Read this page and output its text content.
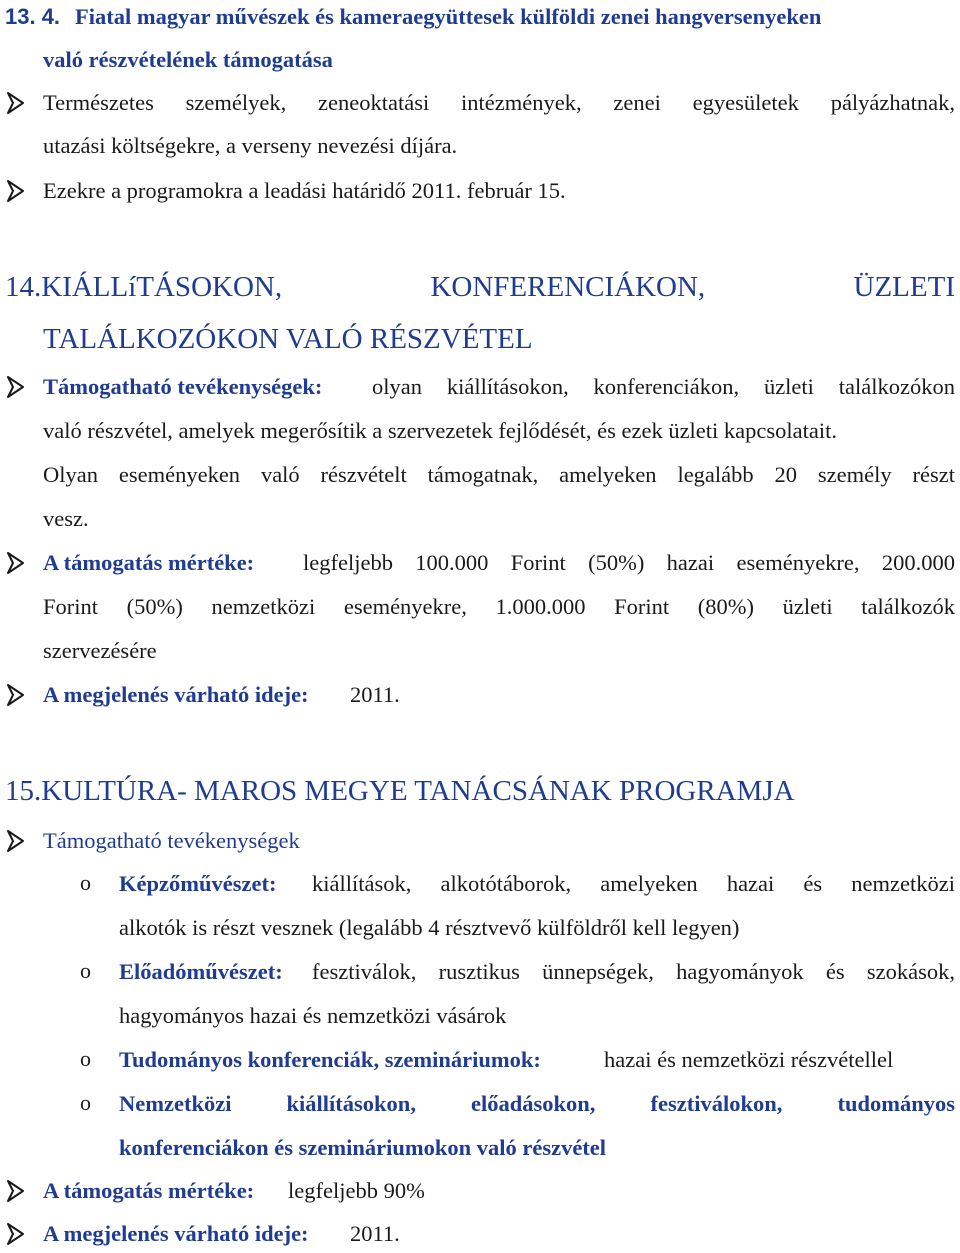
13. 4. Fiatal magyar művészek és kameraegyüttesek külföldi zenei hangversenyeken
való részvételének támogatása
Természetes személyek, zeneoktatási intézmények, zenei egyesületek pályázhatnak,
utazási költségekre, a verseny nevezési díjára.
Ezekre a programokra a leadási határidő 2011. február 15.
14.KIÁLLíTÁSOKON, KONFERENCIÁKON, ÜZLETI
TALÁLKOZÓKON VALÓ RÉSZVÉTEL
Támogatható tevékenységek: olyan kiállításokon, konferenciákon, üzleti találkozókon
való részvétel, amelyek megerősítik a szervezetek fejlődését, és ezek üzleti kapcsolatait.
Olyan eseményeken való részvételt támogatnak, amelyeken legalább 20 személy részt
vesz.
A támogatás mértéke: legfeljebb 100.000 Forint (50%) hazai eseményekre, 200.000
Forint (50%) nemzetközi eseményekre, 1.000.000 Forint (80%) üzleti találkozók
szervezésére
A megjelenés várható ideje: 2011.
15.KULTÚRA- MAROS MEGYE TANÁCSÁNAK PROGRAMJA
Támogatható tevékenységek
o Képzőművészet: kiállítások, alkotótáborok, amelyeken hazai és nemzetközi
alkotók is részt vesznek (legalább 4 résztvevő külföldről kell legyen)
o Előadóművészet: fesztiválok, rusztikus ünnepségek, hagyományok és szokások,
hagyományos hazai és nemzetközi vásárok
o Tudományos konferenciák, szemináriumok:	hazai és nemzetközi részvétellel
o Nemzetközi kiállításokon, előadásokon, fesztiválokon, tudományos
konferenciákon és szemináriumokon való részvétel
A támogatás mértéke: legfeljebb 90%
A megjelenés várható ideje: 2011.
